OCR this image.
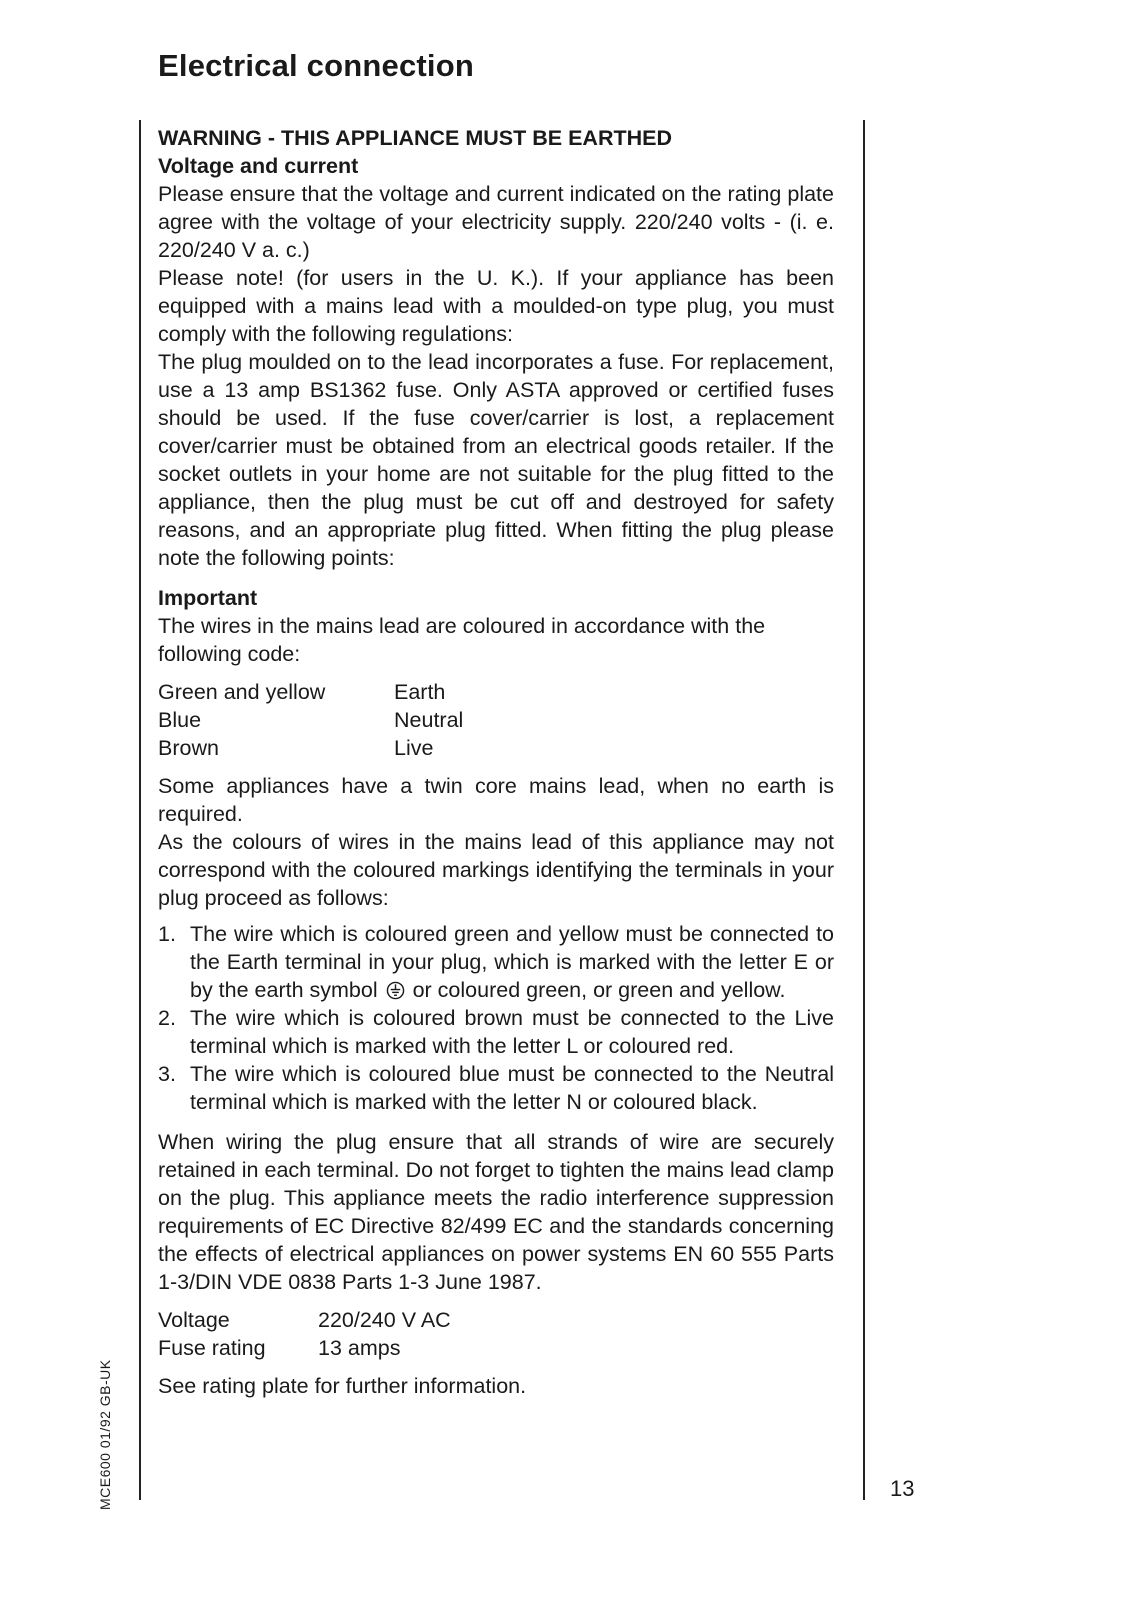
Electrical connection
MCE600 01/92 GB-UK	13

WARNING - THIS APPLIANCE MUST BE EARTHED

Voltage and current

Please ensure that the voltage and current indicated on the rating plate agree with the voltage of your electricity supply. 220/240 volts - (i. e. 220/240 V a. c.)

Please note! (for users in the U. K.). If your appliance has been equipped with a mains lead with a moulded-on type plug, you must comply with the following regulations:

The plug moulded on to the lead incorporates a fuse. For replacement, use a 13 amp BS1362 fuse. Only ASTA approved or certified fuses should be used. If the fuse cover/carrier is lost, a replacement cover/carrier must be obtained from an electrical goods retailer. If the socket outlets in your home are not suitable for the plug fitted to the appliance, then the plug must be cut off and destroyed for safety reasons, and an appropriate plug fitted. When fitting the plug please note the following points:

Important

The wires in the mains lead are coloured in accordance with the following code:

Green and yellow	Earth
Blue	Neutral
Brown	Live

Some appliances have a twin core mains lead, when no earth is required.

As the colours of wires in the mains lead of this appliance may not correspond with the coloured markings identifying the terminals in your plug proceed as follows:

1. The wire which is coloured green and yellow must be connected to the Earth terminal in your plug, which is marked with the letter E or by the earth symbol or coloured green, or green and yellow.
2. The wire which is coloured brown must be connected to the Live terminal which is marked with the letter L or coloured red.
3. The wire which is coloured blue must be connected to the Neutral terminal which is marked with the letter N or coloured black.

When wiring the plug ensure that all strands of wire are securely retained in each terminal. Do not forget to tighten the mains lead clamp on the plug. This appliance meets the radio interference suppression requirements of EC Directive 82/499 EC and the standards concerning the effects of electrical appliances on power systems EN 60 555 Parts 1-3/DIN VDE 0838 Parts 1-3 June 1987.

Voltage	220/240 V AC
Fuse rating	13 amps

See rating plate for further information.
